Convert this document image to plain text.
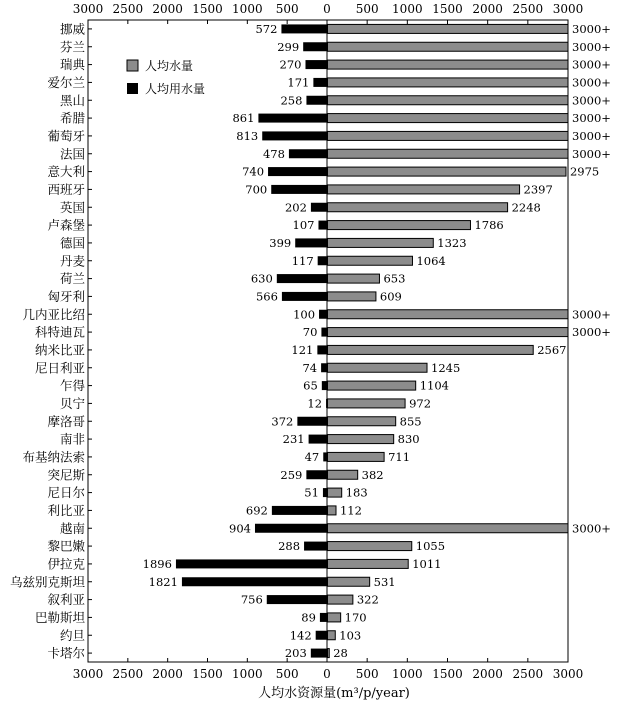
3000
3000
2500
2500
2000
2000
1500
1500
1000
1000
500
500
0
0
500
500
1000
1000
1500
1500
2000
2000
2500
2500
3000
3000
挪威	572	3000+
芬兰	299	3000+
瑞典	270	3000+
爱尔兰	171	3000+
黑山	258	3000+
希腊	861	3000+
葡萄牙	813	3000+
法国	478	3000+
意大利	740	2975
西班牙	700	2397
英国	202	2248
卢森堡	107	1786
德国	399	1323
丹麦	117	1064
荷兰	630	653
匈牙利	566	609
几内亚比绍	100	3000+
科特迪瓦	70	3000+
纳米比亚	121	2567
尼日利亚	74	1245
乍得	65	1104
贝宁	12	972
摩洛哥	372	855
南非	231	830
布基纳法索	47	711
突尼斯	259	382
尼日尔	51 183
利比亚	692	112
越南	904	3000+
黎巴嫩	288	1055
伊拉克	1896	1011
乌兹别克斯坦	1821	531
叙利亚	756	322
巴勒斯坦	89 170
约旦	142 103
卡塔尔	203 28
人均水量
人均用水量
人均水资源量(m³/p/year)
